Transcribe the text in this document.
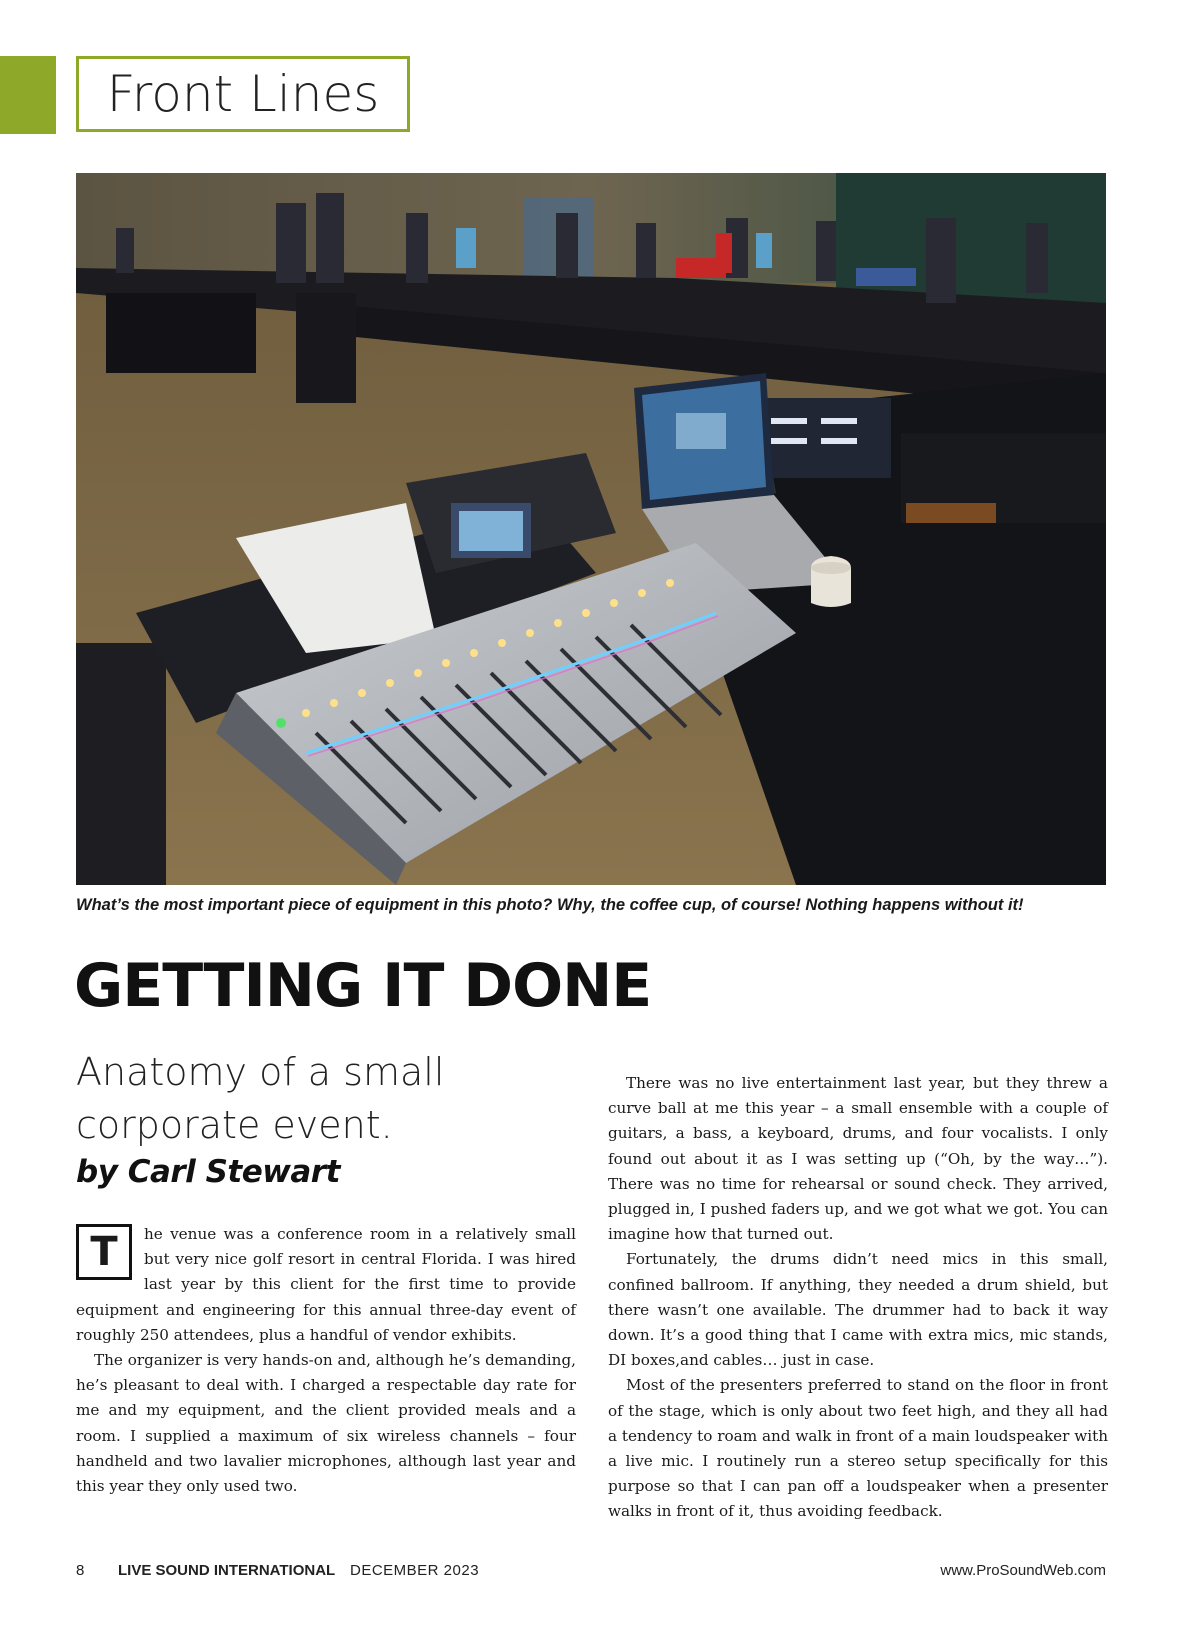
Front Lines
What’s the most important piece of equipment in this photo? Why, the coffee cup, of course! Nothing happens without it!
GETTING IT DONE
Anatomy of a small corporate event.
by Carl Stewart
T	he venue was a conference room in a relatively small but very nice golf resort in central Florida. I was hired last year by this client for the first time to provide equipment and engineering for this annual three-day event of roughly 250 attendees, plus a handful of vendor exhibits.

The organizer is very hands-on and, although he’s demanding, he’s pleasant to deal with. I charged a respectable day rate for me and my equipment, and the client provided meals and a room. I supplied a maximum of six wireless channels – four handheld and two lavalier microphones, although last year and this year they only used two.

There was no live entertainment last year, but they threw a curve ball at me this year – a small ensemble with a couple of guitars, a bass, a keyboard, drums, and four vocalists. I only found out about it as I was setting up (“Oh, by the way…”). There was no time for rehearsal or sound check. They arrived, plugged in, I pushed faders up, and we got what we got. You can imagine how that turned out.

Fortunately, the drums didn’t need mics in this small, confined ballroom. If anything, they needed a drum shield, but there wasn’t one available. The drummer had to back it way down. It’s a good thing that I came with extra mics, mic stands, DI boxes,and cables… just in case.

Most of the presenters preferred to stand on the floor in front of the stage, which is only about two feet high, and they all had a tendency to roam and walk in front of a main loudspeaker with a live mic. I routinely run a stereo setup specifically for this purpose so that I can pan off a loudspeaker when a presenter walks in front of it, thus avoiding feedback.

8 LIVE SOUND INTERNATIONAL DECEMBER 2023	www.ProSoundWeb.com
